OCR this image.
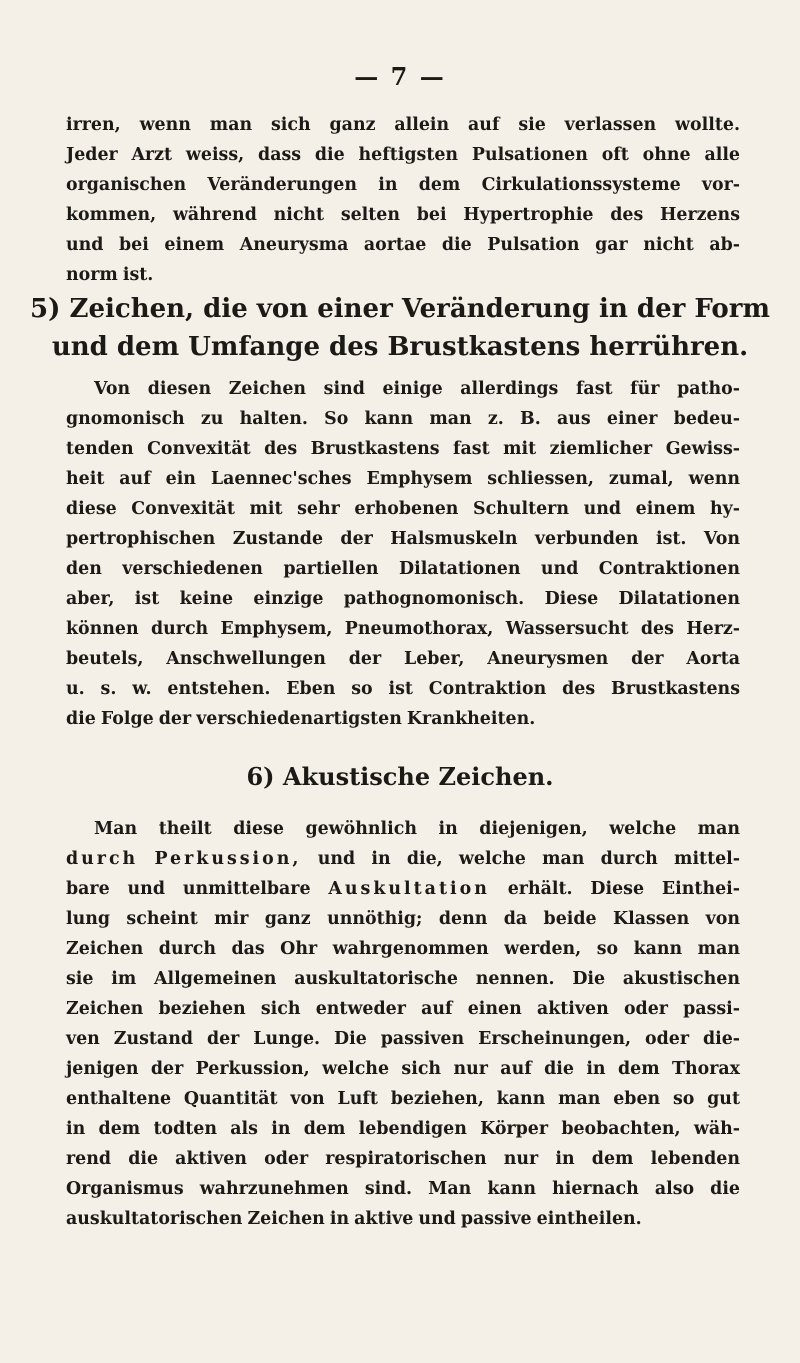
— 7 —
irren, wenn man sich ganz allein auf sie verlassen wollte.
Jeder Arzt weiss, dass die heftigsten Pulsationen oft ohne alle
organischen Veränderungen in dem Cirkulationssysteme vor-
kommen, während nicht selten bei Hypertrophie des Herzens
und bei einem Aneurysma aortae die Pulsation gar nicht ab-
norm ist.
5) Zeichen, die von einer Veränderung in der Form
und dem Umfange des Brustkastens herrühren.
Von diesen Zeichen sind einige allerdings fast für patho-
gnomonisch zu halten. So kann man z. B. aus einer bedeu-
tenden Convexität des Brustkastens fast mit ziemlicher Gewiss-
heit auf ein Laennec'sches Emphysem schliessen, zumal, wenn
diese Convexität mit sehr erhobenen Schultern und einem hy-
pertrophischen Zustande der Halsmuskeln verbunden ist. Von
den verschiedenen partiellen Dilatationen und Contraktionen
aber, ist keine einzige pathognomonisch. Diese Dilatationen
können durch Emphysem, Pneumothorax, Wassersucht des Herz-
beutels, Anschwellungen der Leber, Aneurysmen der Aorta
u. s. w. entstehen. Eben so ist Contraktion des Brustkastens
die Folge der verschiedenartigsten Krankheiten.
6) Akustische Zeichen.
Man theilt diese gewöhnlich in diejenigen, welche man
durch Perkussion, und in die, welche man durch mittel-
bare und unmittelbare Auskultation erhält. Diese Einthei-
lung scheint mir ganz unnöthig; denn da beide Klassen von
Zeichen durch das Ohr wahrgenommen werden, so kann man
sie im Allgemeinen auskultatorische nennen. Die akustischen
Zeichen beziehen sich entweder auf einen aktiven oder passi-
ven Zustand der Lunge. Die passiven Erscheinungen, oder die-
jenigen der Perkussion, welche sich nur auf die in dem Thorax
enthaltene Quantität von Luft beziehen, kann man eben so gut
in dem todten als in dem lebendigen Körper beobachten, wäh-
rend die aktiven oder respiratorischen nur in dem lebenden
Organismus wahrzunehmen sind. Man kann hiernach also die
auskultatorischen Zeichen in aktive und passive eintheilen.
